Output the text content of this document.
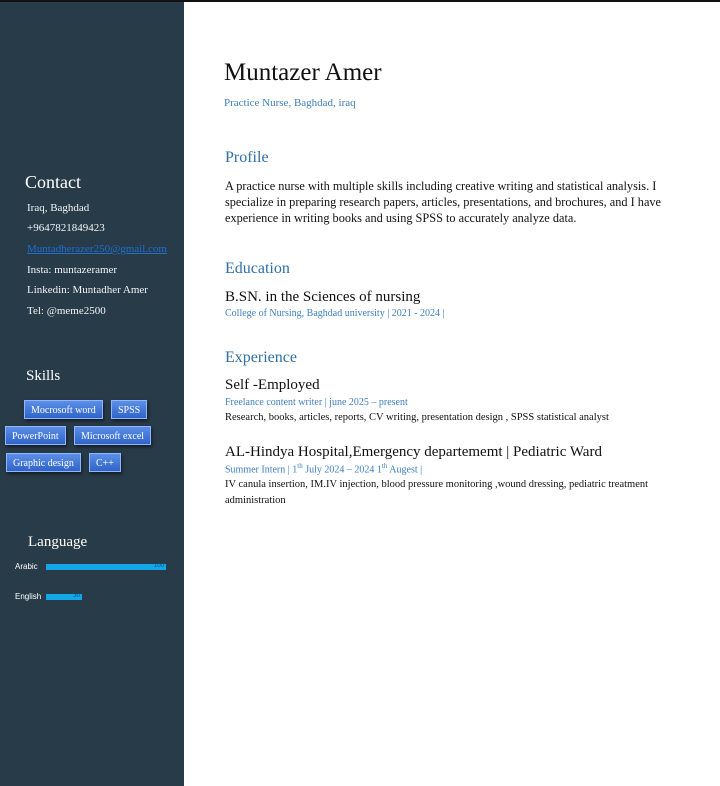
Contact
Iraq, Baghdad
+9647821849423
Muntadherazer250@gmail.com
Insta: muntazeramer
Linkedin: Muntadher Amer
Tel: @meme2500
Skills
Mocrosoft word	SPSS
PowerPoint	Microsoft excel
Graphic design	C++
Language
Arabic	100
English	30
Muntazer Amer
Practice Nurse, Baghdad, iraq
Profile
A practice nurse with multiple skills including creative writing and statistical analysis. I specialize in preparing research papers, articles, presentations, and brochures, and I have experience in writing books and using SPSS to accurately analyze data.
Education
B.SN. in the Sciences of nursing
College of Nursing, Baghdad university | 2021 - 2024 |
Experience
Self -Employed
Freelance content writer | june 2025 – present
Research, books, articles, reports, CV writing, presentation design , SPSS statistical analyst
AL-Hindya Hospital,Emergency departememt | Pediatric Ward
Summer Intern | 1th July 2024 – 2024 1th Augest |
IV canula insertion, IM.IV injection, blood pressure monitoring ,wound dressing, pediatric treatment administration
